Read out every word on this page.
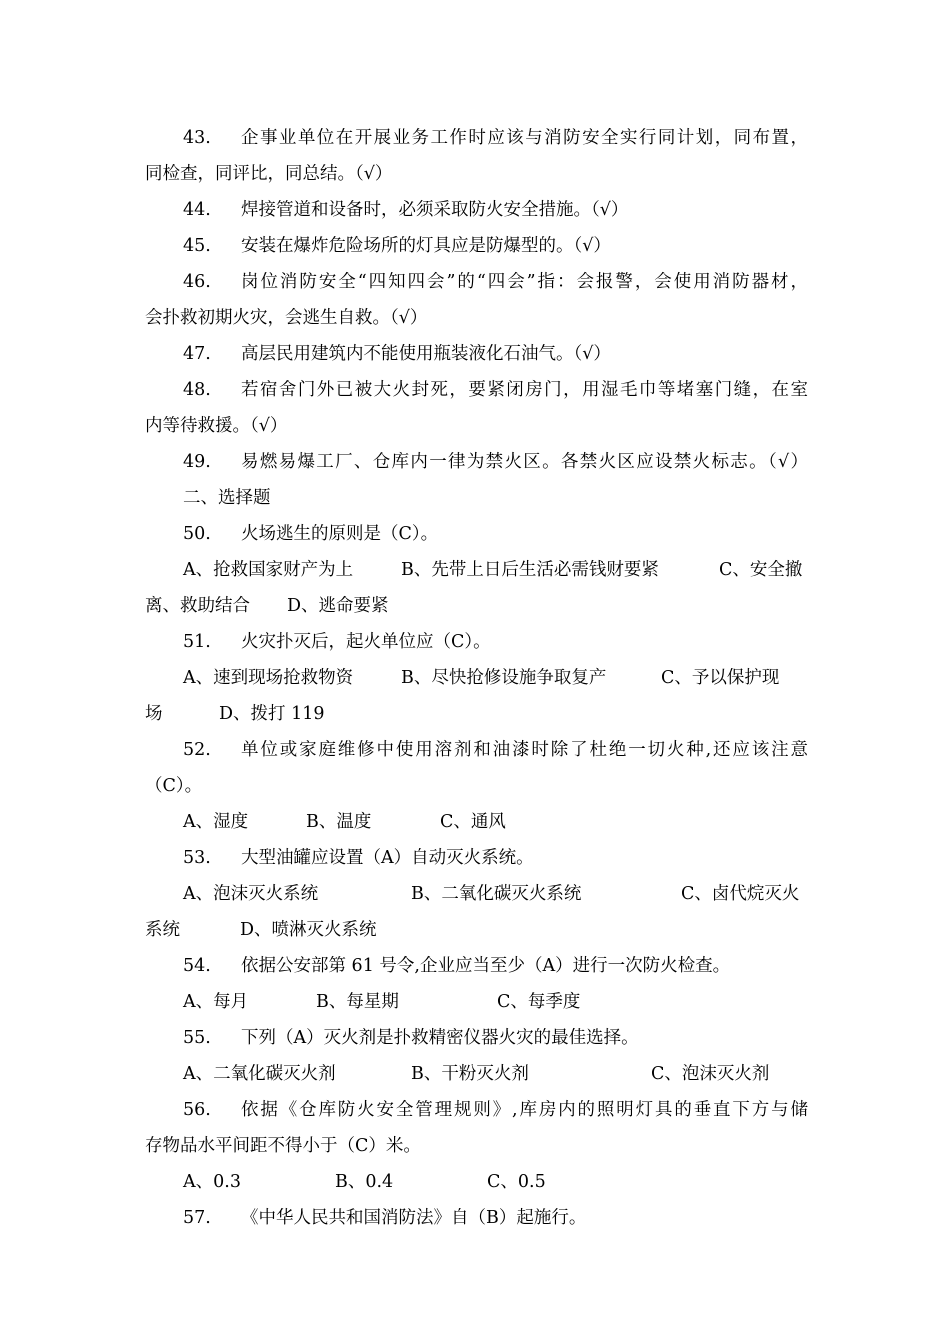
43. 企事业单位在开展业务工作时应该与消防安全实行同计划，同布置，
同检查，同评比，同总结。（√）
44. 焊接管道和设备时，必须采取防火安全措施。（√）
45. 安装在爆炸危险场所的灯具应是防爆型的。（√）
46. 岗位消防安全“四知四会”的“四会”指：会报警，会使用消防器材，
会扑救初期火灾，会逃生自救。（√）
47. 高层民用建筑内不能使用瓶装液化石油气。（√）
48. 若宿舍门外已被大火封死，要紧闭房门，用湿毛巾等堵塞门缝，在室
内等待救援。（√）
49. 易燃易爆工厂、仓库内一律为禁火区。各禁火区应设禁火标志。（√）
二、选择题
50. 火场逃生的原则是（C）。
A、抢救国家财产为上	B、先带上日后生活必需钱财要紧	C、安全撤
离、救助结合 D、逃命要紧
51. 火灾扑灭后，起火单位应（C）。
A、速到现场抢救物资	B、尽快抢修设施争取复产	C、予以保护现
场	D、拨打 119
52. 单位或家庭维修中使用溶剂和油漆时除了杜绝一切火种,还应该注意
（C）。
A、湿度	B、温度	C、通风
53. 大型油罐应设置（A）自动灭火系统。
A、泡沫灭火系统	B、二氧化碳灭火系统	C、卤代烷灭火
系统	D、喷淋灭火系统
54. 依据公安部第 61 号令,企业应当至少（A）进行一次防火检查。
A、每月	B、每星期	C、每季度
55. 下列（A）灭火剂是扑救精密仪器火灾的最佳选择。
A、二氧化碳灭火剂	B、干粉灭火剂	C、泡沫灭火剂
56. 依据《仓库防火安全管理规则》,库房内的照明灯具的垂直下方与储
存物品水平间距不得小于（C）米。
A、0.3	B、0.4	C、0.5
57. 《中华人民共和国消防法》自（B）起施行。
